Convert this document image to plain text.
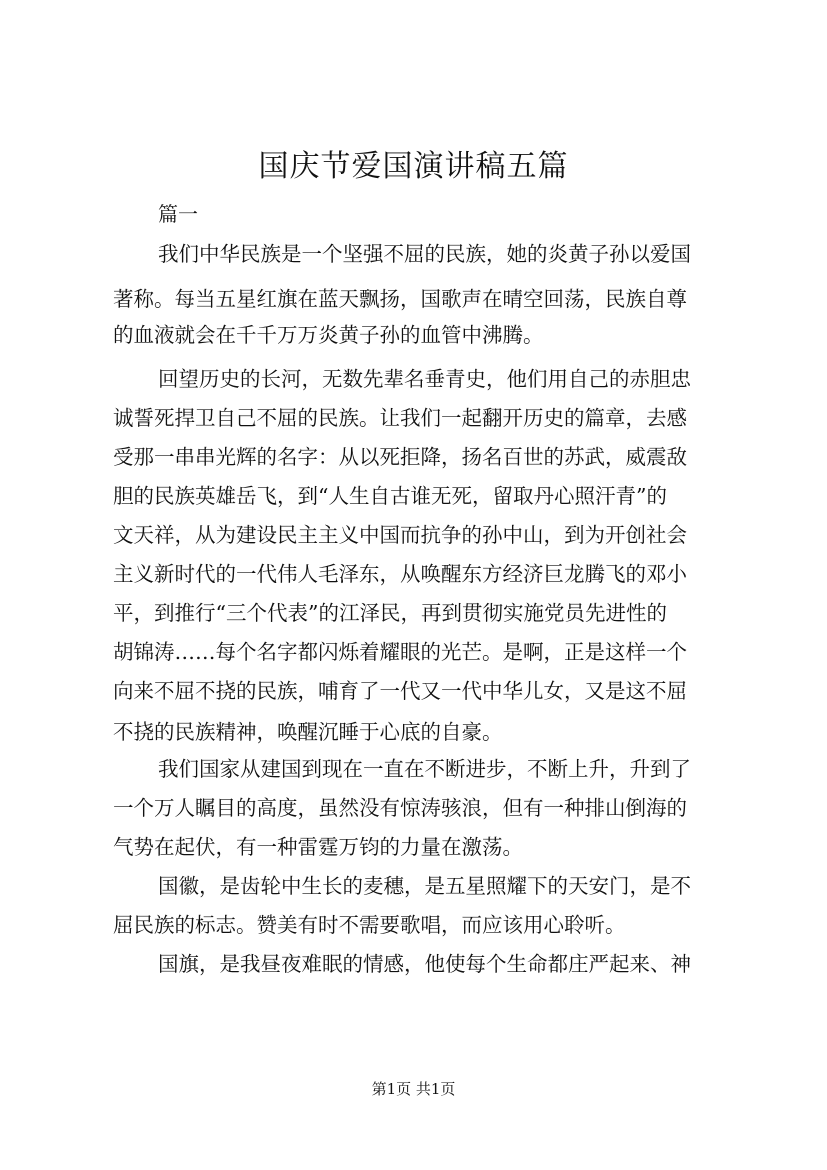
国庆节爱国演讲稿五篇
篇一
我们中华民族是一个坚强不屈的民族，她的炎黄子孙以爱国
著称。每当五星红旗在蓝天飘扬，国歌声在晴空回荡，民族自尊
的血液就会在千千万万炎黄子孙的血管中沸腾。
回望历史的长河，无数先辈名垂青史，他们用自己的赤胆忠
诚誓死捍卫自己不屈的民族。让我们一起翻开历史的篇章，去感
受那一串串光辉的名字：从以死拒降，扬名百世的苏武，威震敌
胆的民族英雄岳飞，到“人生自古谁无死，留取丹心照汗青”的
文天祥，从为建设民主主义中国而抗争的孙中山，到为开创社会
主义新时代的一代伟人毛泽东，从唤醒东方经济巨龙腾飞的邓小
平，到推行“三个代表”的江泽民，再到贯彻实施党员先进性的
胡锦涛……每个名字都闪烁着耀眼的光芒。是啊，正是这样一个
向来不屈不挠的民族，哺育了一代又一代中华儿女，又是这不屈
不挠的民族精神，唤醒沉睡于心底的自豪。
我们国家从建国到现在一直在不断进步，不断上升，升到了
一个万人瞩目的高度，虽然没有惊涛骇浪，但有一种排山倒海的
气势在起伏，有一种雷霆万钧的力量在激荡。
国徽，是齿轮中生长的麦穗，是五星照耀下的天安门，是不
屈民族的标志。赞美有时不需要歌唱，而应该用心聆听。
国旗，是我昼夜难眠的情感，他使每个生命都庄严起来、神
第1页 共1页
